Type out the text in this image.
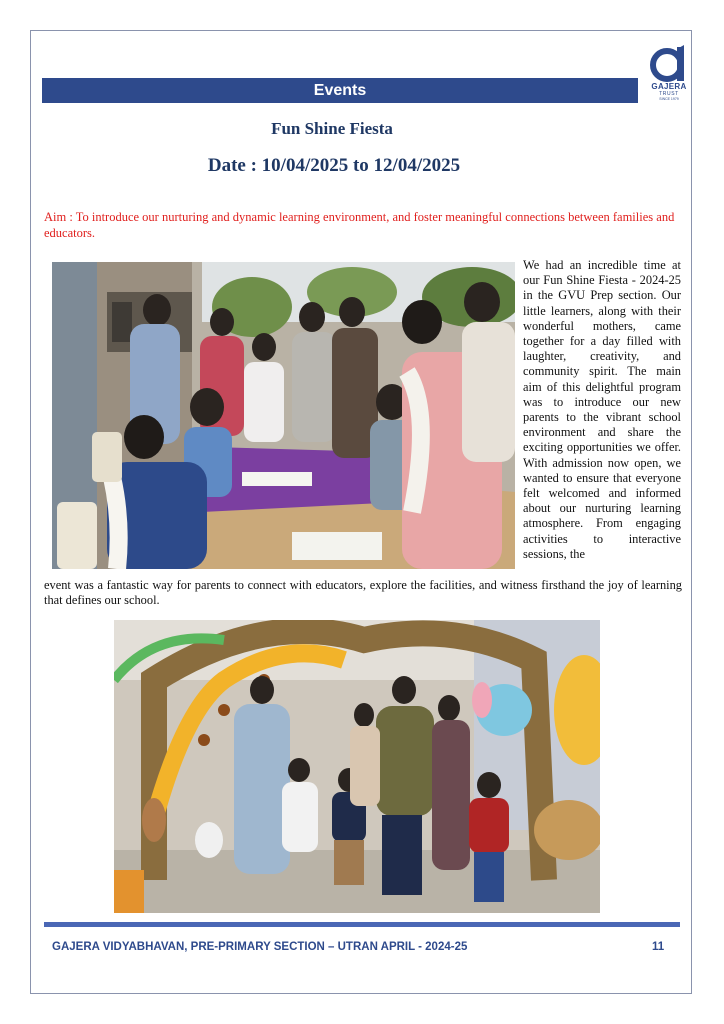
Events	GAJERA
TRUST
SINCE 1979
Fun Shine Fiesta
Date : 10/04/2025 to 12/04/2025
Aim : To introduce our nurturing and dynamic learning environment, and foster meaningful connections between families and educators.
We had an incredible time at our Fun Shine Fiesta - 2024-25 in the GVU Prep section. Our little learners, along with their wonderful mothers, came together for a day filled with laughter, creativity, and community spirit. The main aim of this delightful program was to introduce our new parents to the vibrant school environment and share the exciting opportunities we offer. With admission now open, we wanted to ensure that everyone felt welcomed and informed about our nurturing learning atmosphere. From engaging activities to interactive sessions, the
event was a fantastic way for parents to connect with educators, explore the facilities, and witness firsthand the joy of learning that defines our school.
GAJERA VIDYABHAVAN, PRE-PRIMARY SECTION – UTRAN APRIL - 2024-25	11
